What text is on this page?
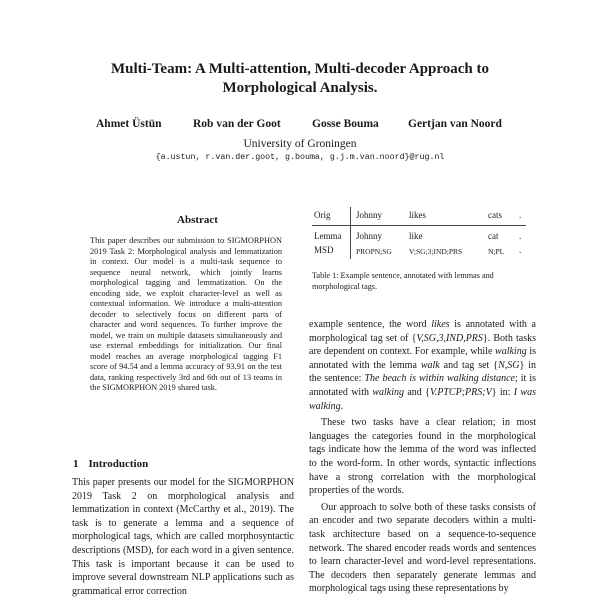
Multi-Team: A Multi-attention, Multi-decoder Approach to
Morphological Analysis.
Ahmet Üstün	Rob van der Goot	Gosse Bouma	Gertjan van Noord
University of Groningen
{a.ustun, r.van.der.goot, g.bouma, g.j.m.van.noord}@rug.nl
Abstract
This paper describes our submission to SIGMORPHON 2019 Task 2: Morphological analysis and lemmatization in context. Our model is a multi-task sequence to sequence neural network, which jointly learns morphological tagging and lemmatization. On the encoding side, we exploit character-level as well as contextual information. We introduce a multi-attention decoder to selectively focus on different parts of character and word sequences. To further improve the model, we train on multiple datasets simultaneously and use external embeddings for initialization. Our final model reaches an average morphological tagging F1 score of 94.54 and a lemma accuracy of 93.91 on the test data, ranking respectively 3rd and 6th out of 13 teams in the SIGMORPHON 2019 shared task.
1 Introduction
This paper presents our model for the SIGMORPHON 2019 Task 2 on morphological analysis and lemmatization in context (McCarthy et al., 2019). The task is to generate a lemma and a sequence of morphological tags, which are called morphosyntactic descriptions (MSD), for each word in a given sentence. This task is important because it can be used to improve several downstream NLP applications such as grammatical error correction
Orig	Johnny	likes	cats .
Lemma Johnny	like	cat .
MSD	PROPN;SG V;SG;3;IND;PRS	N;PL .
Table 1: Example sentence, annotated with lemmas and morphological tags.

example sentence, the word likes is annotated with a morphological tag set of {V,SG,3,IND,PRS}. Both tasks are dependent on context. For example, while walking is annotated with the lemma walk and tag set {N,SG} in the sentence: The beach is within walking distance; it is annotated with walking and {V.PTCP;PRS;V} in: I was walking.

These two tasks have a clear relation; in most languages the categories found in the morphological tags indicate how the lemma of the word was inflected to the word-form. In other words, syntactic inflections have a strong correlation with the morphological properties of the words.

Our approach to solve both of these tasks consists of an encoder and two separate decoders within a multi-task architecture based on a sequence-to-sequence network. The shared encoder reads words and sentences to learn character-level and word-level representations. The decoders then separately generate lemmas and morphological tags using these representations by
